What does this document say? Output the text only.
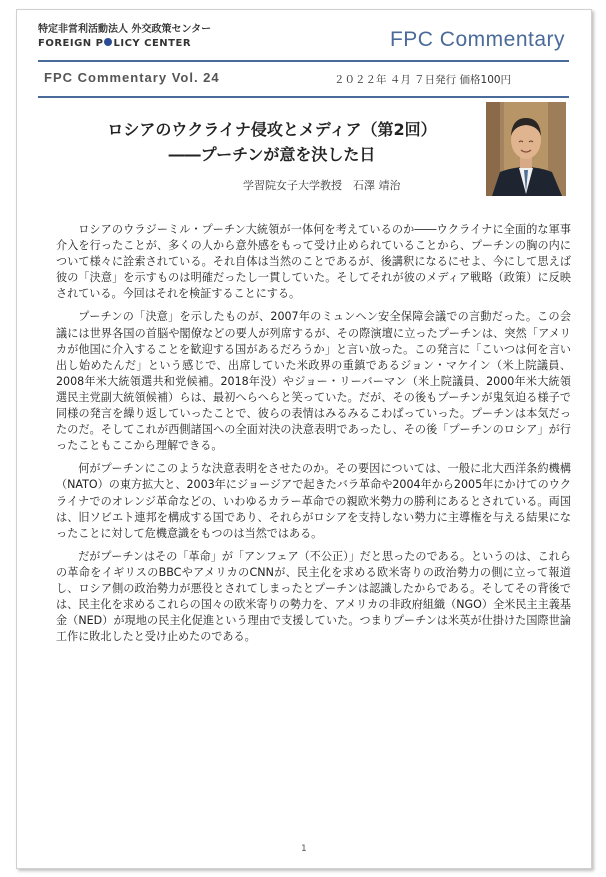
特定非営利活動法人 外交政策センター
FOREIGN P LICY CENTER	FPC Commentary
FPC Commentary Vol. 24	２０２２年 ４月 ７日発行 価格100円
ロシアのウクライナ侵攻とメディア（第2回）
――プーチンが意を決した日
学習院女子大学教授　石澤 靖治

ロシアのウラジーミル・プーチン大統領が一体何を考えているのか――ウクライナに全面的な軍事介入を行ったことが、多くの人から意外感をもって受け止められていることから、プーチンの胸の内について様々に詮索されている。それ自体は当然のことであるが、後講釈になるにせよ、今にして思えば彼の「決意」を示すものは明確だったし一貫していた。そしてそれが彼のメディア戦略（政策）に反映されている。今回はそれを検証することにする。

プーチンの「決意」を示したものが、2007年のミュンヘン安全保障会議での言動だった。この会議には世界各国の首脳や閣僚などの要人が列席するが、その際演壇に立ったプーチンは、突然「アメリカが他国に介入することを歓迎する国があるだろうか」と言い放った。この発言に「こいつは何を言い出し始めたんだ」という感じで、出席していた米政界の重鎮であるジョン・マケイン（米上院議員、2008年米大統領選共和党候補。2018年没）やジョー・リーバーマン（米上院議員、2000年米大統領選民主党副大統領候補）らは、最初へらへらと笑っていた。だが、その後もプーチンが鬼気迫る様子で同様の発言を繰り返していったことで、彼らの表情はみるみるこわばっていった。プーチンは本気だったのだ。そしてこれが西側諸国への全面対決の決意表明であったし、その後「プーチンのロシア」が行ったこともここから理解できる。

何がプーチンにこのような決意表明をさせたのか。その要因については、一般に北大西洋条約機構（NATO）の東方拡大と、2003年にジョージアで起きたバラ革命や2004年から2005年にかけてのウクライナでのオレンジ革命などの、いわゆるカラー革命での親欧米勢力の勝利にあるとされている。両国は、旧ソビエト連邦を構成する国であり、それらがロシアを支持しない勢力に主導権を与える結果になったことに対して危機意識をもつのは当然ではある。

だがプーチンはその「革命」が「アンフェア（不公正）」だと思ったのである。というのは、これらの革命をイギリスのBBCやアメリカのCNNが、民主化を求める欧米寄りの政治勢力の側に立って報道し、ロシア側の政治勢力が悪役とされてしまったとプーチンは認識したからである。そしてその背後では、民主化を求めるこれらの国々の欧米寄りの勢力を、アメリカの非政府組織（NGO）全米民主主義基金（NED）が現地の民主化促進という理由で支援していた。つまりプーチンは米英が仕掛けた国際世論工作に敗北したと受け止めたのである。

1
